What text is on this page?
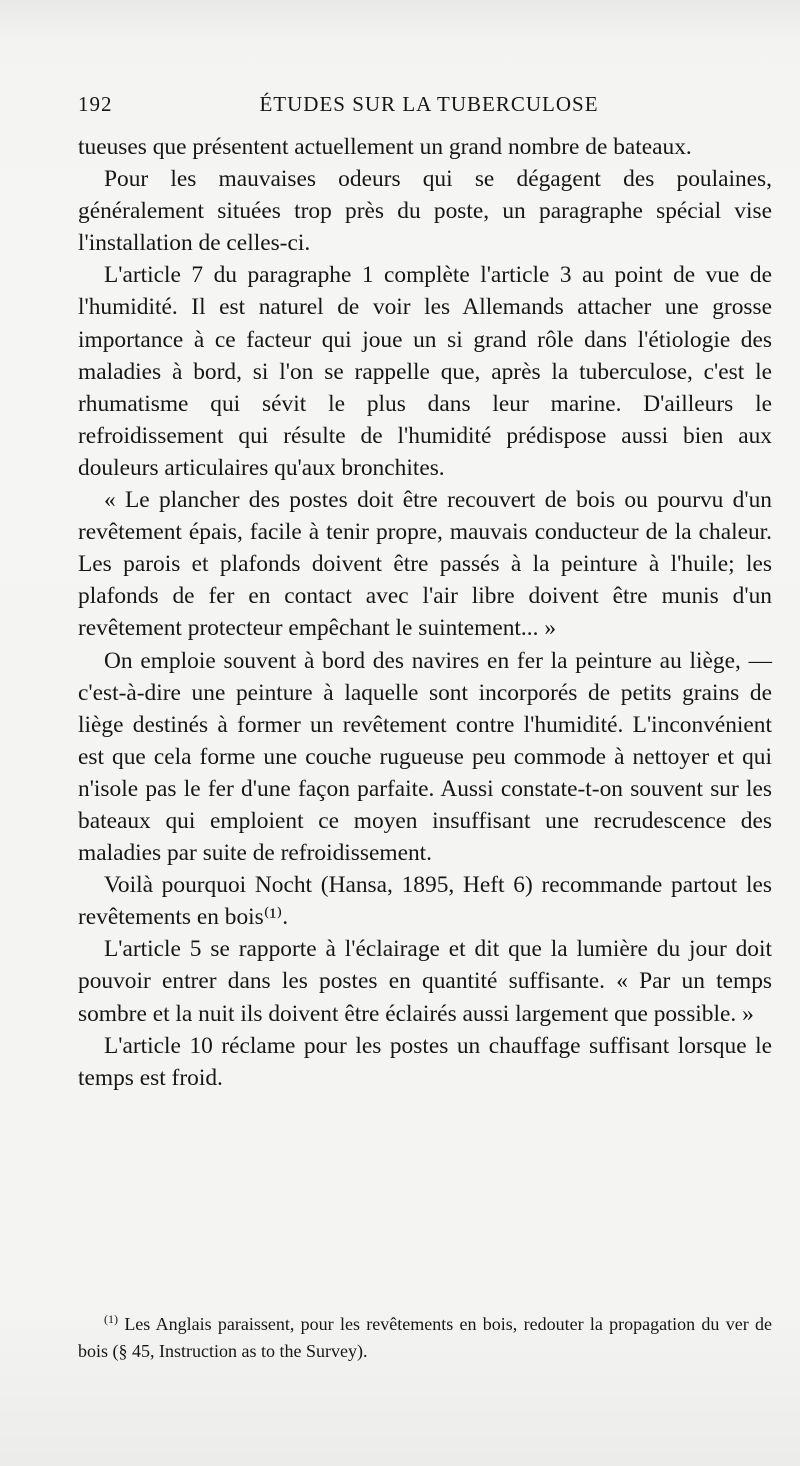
192	ÉTUDES SUR LA TUBERCULOSE

tueuses que présentent actuellement un grand nombre de bateaux.

Pour les mauvaises odeurs qui se dégagent des poulaines, généralement situées trop près du poste, un paragraphe spécial vise l'installation de celles-ci.

L'article 7 du paragraphe 1 complète l'article 3 au point de vue de l'humidité. Il est naturel de voir les Allemands attacher une grosse importance à ce facteur qui joue un si grand rôle dans l'étiologie des maladies à bord, si l'on se rappelle que, après la tuberculose, c'est le rhumatisme qui sévit le plus dans leur marine. D'ailleurs le refroidissement qui résulte de l'humidité prédispose aussi bien aux douleurs articulaires qu'aux bronchites.

« Le plancher des postes doit être recouvert de bois ou pourvu d'un revêtement épais, facile à tenir propre, mauvais conducteur de la chaleur. Les parois et plafonds doivent être passés à la peinture à l'huile; les plafonds de fer en contact avec l'air libre doivent être munis d'un revêtement protecteur empêchant le suintement... »

On emploie souvent à bord des navires en fer la peinture au liège, — c'est-à-dire une peinture à laquelle sont incorporés de petits grains de liège destinés à former un revêtement contre l'humidité. L'inconvénient est que cela forme une couche rugueuse peu commode à nettoyer et qui n'isole pas le fer d'une façon parfaite. Aussi constate-t-on souvent sur les bateaux qui emploient ce moyen insuffisant une recrudescence des maladies par suite de refroidissement.

Voilà pourquoi Nocht (Hansa, 1895, Heft 6) recommande partout les revêtements en bois⁽¹⁾.

L'article 5 se rapporte à l'éclairage et dit que la lumière du jour doit pouvoir entrer dans les postes en quantité suffisante. « Par un temps sombre et la nuit ils doivent être éclairés aussi largement que possible. »

L'article 10 réclame pour les postes un chauffage suffisant lorsque le temps est froid.

$^{(1)}$ Les Anglais paraissent, pour les revêtements en bois, redouter la propagation du ver de bois (§ 45, Instruction as to the Survey).
